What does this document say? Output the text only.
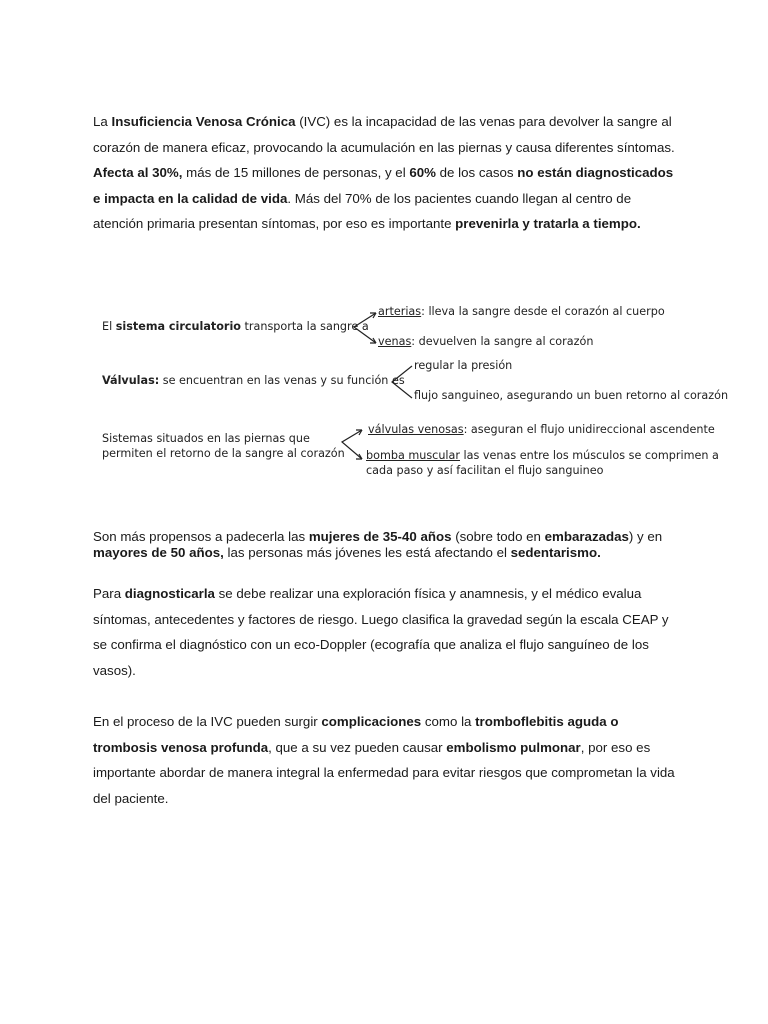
La Insuficiencia Venosa Crónica (IVC) es la incapacidad de las venas para devolver la sangre al corazón de manera eficaz, provocando la acumulación en las piernas y causa diferentes síntomas. Afecta al 30%, más de 15 millones de personas, y el 60% de los casos no están diagnosticados e impacta en la calidad de vida. Más del 70% de los pacientes cuando llegan al centro de atención primaria presentan síntomas, por eso es importante prevenirla y tratarla a tiempo.
El sistema circulatorio transporta la sangre a
arterias: lleva la sangre desde el corazón al cuerpo
venas: devuelven la sangre al corazón
Válvulas: se encuentran en las venas y su función es
regular la presión
flujo sanguineo, asegurando un buen retorno al corazón
Sistemas situados en las piernas que
permiten el retorno de la sangre al corazón
válvulas venosas: aseguran el flujo unidireccional ascendente
bomba muscular las venas entre los músculos se comprimen a
cada paso y así facilitan el flujo sanguineo
Son más propensos a padecerla las mujeres de 35-40 años (sobre todo en embarazadas) y en mayores de 50 años, las personas más jóvenes les está afectando el sedentarismo.
Para diagnosticarla se debe realizar una exploración física y anamnesis, y el médico evalua síntomas, antecedentes y factores de riesgo. Luego clasifica la gravedad según la escala CEAP y se confirma el diagnóstico con un eco-Doppler (ecografía que analiza el flujo sanguíneo de los vasos).
En el proceso de la IVC pueden surgir complicaciones como la tromboflebitis aguda o trombosis venosa profunda, que a su vez pueden causar embolismo pulmonar, por eso es importante abordar de manera integral la enfermedad para evitar riesgos que comprometan la vida del paciente.
